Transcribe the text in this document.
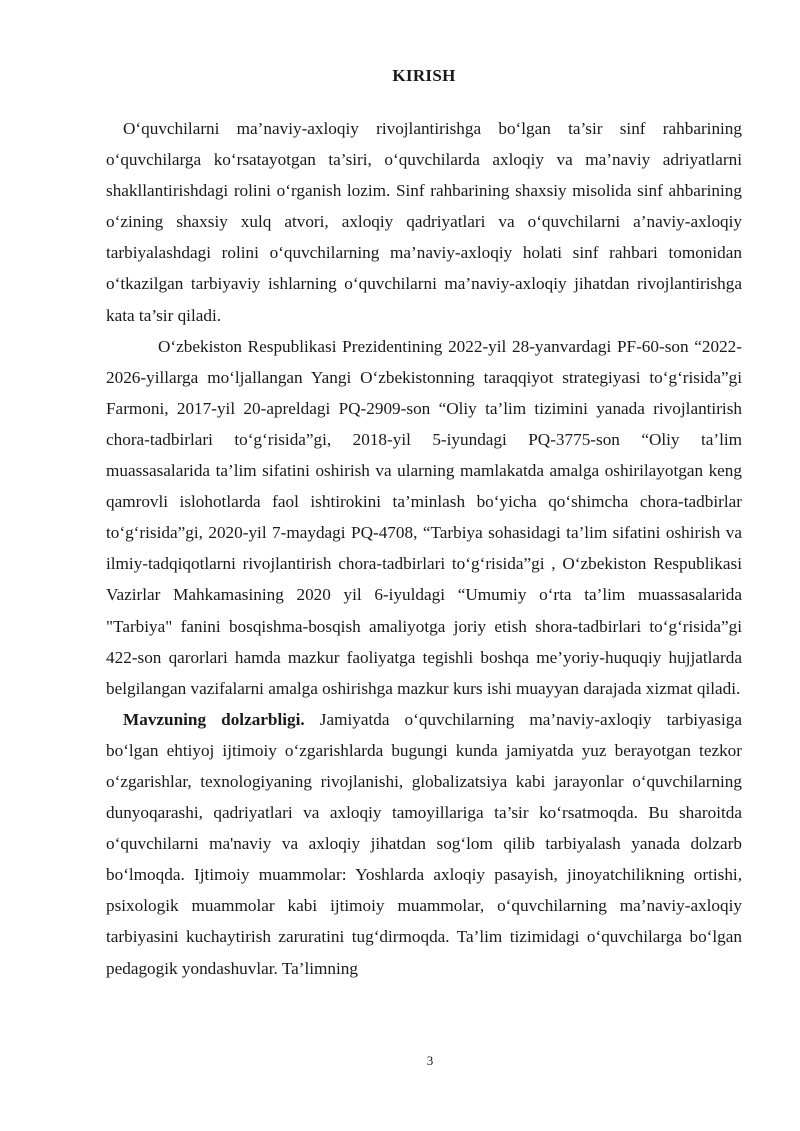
KIRISH

O‘quvchilarni ma’naviy-axloqiy rivojlantirishga bo‘lgan ta’sir sinf rahbarining o‘quvchilarga ko‘rsatayotgan ta’siri, o‘quvchilarda axloqiy va ma’naviy adriyatlarni shakllantirishdagi rolini o‘rganish lozim. Sinf rahbarining shaxsiy misolida sinf ahbarining o‘zining shaxsiy xulq atvori, axloqiy qadriyatlari va o‘quvchilarni a’naviy-axloqiy tarbiyalashdagi rolini o‘quvchilarning ma’naviy-axloqiy holati sinf rahbari tomonidan o‘tkazilgan tarbiyaviy ishlarning o‘quvchilarni ma’naviy-axloqiy jihatdan rivojlantirishga kata ta’sir qiladi.

O‘zbekiston Respublikasi Prezidentining 2022-yil 28-yanvardagi PF-60-son “2022-2026-yillarga mo‘ljallangan Yangi O‘zbekistonning taraqqiyot strategiyasi to‘g‘risida”gi Farmoni, 2017-yil 20-apreldagi PQ-2909-son “Oliy ta’lim tizimini yanada rivojlantirish chora-tadbirlari to‘g‘risida”gi, 2018-yil 5-iyundagi PQ-3775-son “Oliy ta’lim muassasalarida ta’lim sifatini oshirish va ularning mamlakatda amalga oshirilayotgan keng qamrovli islohotlarda faol ishtirokini ta’minlash bo‘yicha qo‘shimcha chora-tadbirlar to‘g‘risida”gi, 2020-yil 7-maydagi PQ-4708, “Tarbiya sohasidagi ta’lim sifatini oshirish va ilmiy-tadqiqotlarni rivojlantirish chora-tadbirlari to‘g‘risida”gi , O‘zbekiston Respublikasi Vazirlar Mahkamasining 2020 yil 6-iyuldagi “Umumiy o‘rta ta’lim muassasalarida "Tarbiya" fanini bosqishma-bosqish amaliyotga joriy etish shora-tadbirlari to‘g‘risida”gi 422-son qarorlari hamda mazkur faoliyatga tegishli boshqa me’yoriy-huquqiy hujjatlarda belgilangan vazifalarni amalga oshirishga mazkur kurs ishi muayyan darajada xizmat qiladi.

Mavzuning dolzarbligi. Jamiyatda o‘quvchilarning ma’naviy-axloqiy tarbiyasiga bo‘lgan ehtiyoj ijtimoiy o‘zgarishlarda bugungi kunda jamiyatda yuz berayotgan tezkor o‘zgarishlar, texnologiyaning rivojlanishi, globalizatsiya kabi jarayonlar o‘quvchilarning dunyoqarashi, qadriyatlari va axloqiy tamoyillariga ta’sir ko‘rsatmoqda. Bu sharoitda o‘quvchilarni ma'naviy va axloqiy jihatdan sog‘lom qilib tarbiyalash yanada dolzarb bo‘lmoqda. Ijtimoiy muammolar: Yoshlarda axloqiy pasayish, jinoyatchilikning ortishi, psixologik muammolar kabi ijtimoiy muammolar, o‘quvchilarning ma’naviy-axloqiy tarbiyasini kuchaytirish zaruratini tug‘dirmoqda. Ta’lim tizimidagi o‘quvchilarga bo‘lgan pedagogik yondashuvlar. Ta’limning

3
